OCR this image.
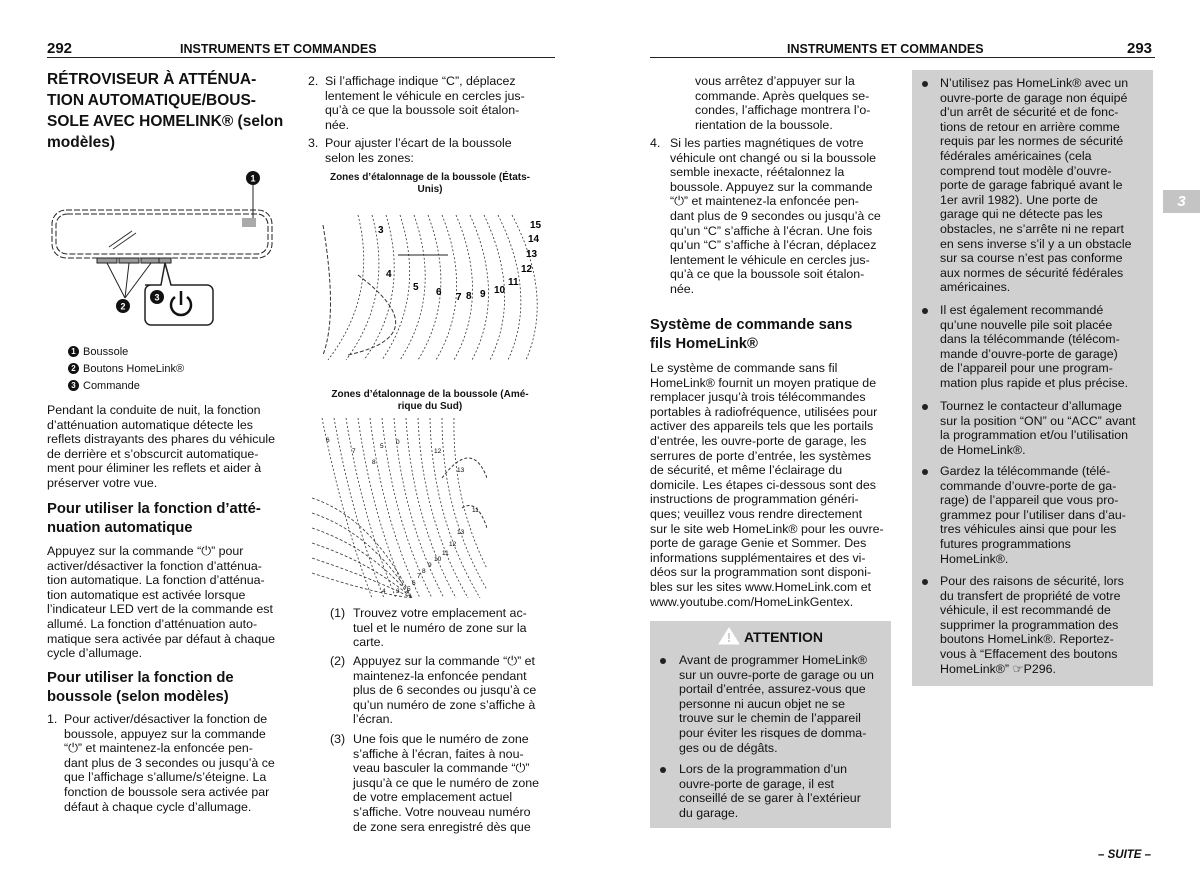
292	INSTRUMENTS ET COMMANDES	INSTRUMENTS ET COMMANDES	293
RÉTROVISEUR À ATTÉNUA-
TION AUTOMATIQUE/BOUS-
SOLE AVEC HOMELINK® (selon
modèles)
1
2
3
1 Boussole
2 Boutons HomeLink®
3 Commande
Pendant la conduite de nuit, la fonction
d’atténuation automatique détecte les
reflets distrayants des phares du véhicule
de derrière et s’obscurcit automatique-
ment pour éliminer les reflets et aider à
préserver votre vue.
Pour utiliser la fonction d’atté-
nuation automatique
Appuyez sur la commande “⏻” pour
activer/désactiver la fonction d’atténua-
tion automatique. La fonction d’atténua-
tion automatique est activée lorsque
l’indicateur LED vert de la commande est
allumé. La fonction d’atténuation auto-
matique sera activée par défaut à chaque
cycle d’allumage.
Pour utiliser la fonction de
boussole (selon modèles)
1. Pour activer/désactiver la fonction de
boussole, appuyez sur la commande
“⏻” et maintenez-la enfoncée pen-
dant plus de 3 secondes ou jusqu’à ce
que l’affichage s’allume/s’éteigne. La
fonction de boussole sera activée par
défaut à chaque cycle d’allumage.
2. Si l’affichage indique “C”, déplacez
lentement le véhicule en cercles jus-
qu’à ce que la boussole soit étalon-
née.
3. Pour ajuster l’écart de la boussole
selon les zones:
Zones d’étalonnage de la boussole (États-
Unis)
3
4
5 6 7 8 9 10
11
12
13
14
15
Zones d’étalonnage de la boussole (Amé-
rique du Sud)
6
7
5
0
8
12
13
11
13
12
11
10
9
8
7
6
5
3
4
(1) Trouvez votre emplacement ac-
tuel et le numéro de zone sur la
carte.
(2) Appuyez sur la commande “⏻” et
maintenez-la enfoncée pendant
plus de 6 secondes ou jusqu’à ce
qu’un numéro de zone s’affiche à
l’écran.
(3) Une fois que le numéro de zone
s’affiche à l’écran, faites à nou-
veau basculer la commande “⏻”
jusqu’à ce que le numéro de zone
de votre emplacement actuel
s’affiche. Votre nouveau numéro
de zone sera enregistré dès que
vous arrêtez d’appuyer sur la
commande. Après quelques se-
condes, l’affichage montrera l’o-
rientation de la boussole.
4. Si les parties magnétiques de votre
véhicule ont changé ou si la boussole
semble inexacte, réétalonnez la
boussole. Appuyez sur la commande
“⏻” et maintenez-la enfoncée pen-
dant plus de 9 secondes ou jusqu’à ce
qu’un “C” s’affiche à l’écran. Une fois
qu’un “C” s’affiche à l’écran, déplacez
lentement le véhicule en cercles jus-
qu’à ce que la boussole soit étalon-
née.
Système de commande sans
fils HomeLink®
Le système de commande sans fil
HomeLink® fournit un moyen pratique de
remplacer jusqu’à trois télécommandes
portables à radiofréquence, utilisées pour
activer des appareils tels que les portails
d’entrée, les ouvre-porte de garage, les
serrures de porte d’entrée, les systèmes
de sécurité, et même l’éclairage du
domicile. Les étapes ci-dessous sont des
instructions de programmation généri-
ques; veuillez vous rendre directement
sur le site web HomeLink® pour les ouvre-
porte de garage Genie et Sommer. Des
informations supplémentaires et des vi-
déos sur la programmation sont disponi-
bles sur les sites www.HomeLink.com et
www.youtube.com/HomeLinkGentex.
ATTENTION
Avant de programmer HomeLink®
sur un ouvre-porte de garage ou un
portail d’entrée, assurez-vous que
personne ni aucun objet ne se
trouve sur le chemin de l’appareil
pour éviter les risques de domma-
ges ou de dégâts.
Lors de la programmation d’un
ouvre-porte de garage, il est
conseillé de se garer à l’extérieur
du garage.
N’utilisez pas HomeLink® avec un
ouvre-porte de garage non équipé
d’un arrêt de sécurité et de fonc-
tions de retour en arrière comme
requis par les normes de sécurité
fédérales américaines (cela
comprend tout modèle d’ouvre-
porte de garage fabriqué avant le
1er avril 1982). Une porte de
garage qui ne détecte pas les
obstacles, ne s’arrête ni ne repart
en sens inverse s’il y a un obstacle
sur sa course n’est pas conforme
aux normes de sécurité fédérales
américaines.
Il est également recommandé
qu’une nouvelle pile soit placée
dans la télécommande (télécom-
mande d’ouvre-porte de garage)
de l’appareil pour une program-
mation plus rapide et plus précise.
Tournez le contacteur d’allumage
sur la position “ON” ou “ACC” avant
la programmation et/ou l’utilisation
de HomeLink®.
Gardez la télécommande (télé-
commande d’ouvre-porte de ga-
rage) de l’appareil que vous pro-
grammez pour l’utiliser dans d’au-
tres véhicules ainsi que pour les
futures programmations
HomeLink®.
Pour des raisons de sécurité, lors
du transfert de propriété de votre
véhicule, il est recommandé de
supprimer la programmation des
boutons HomeLink®. Reportez-
vous à “Effacement des boutons
HomeLink®” ☞P296.
3
– SUITE –
